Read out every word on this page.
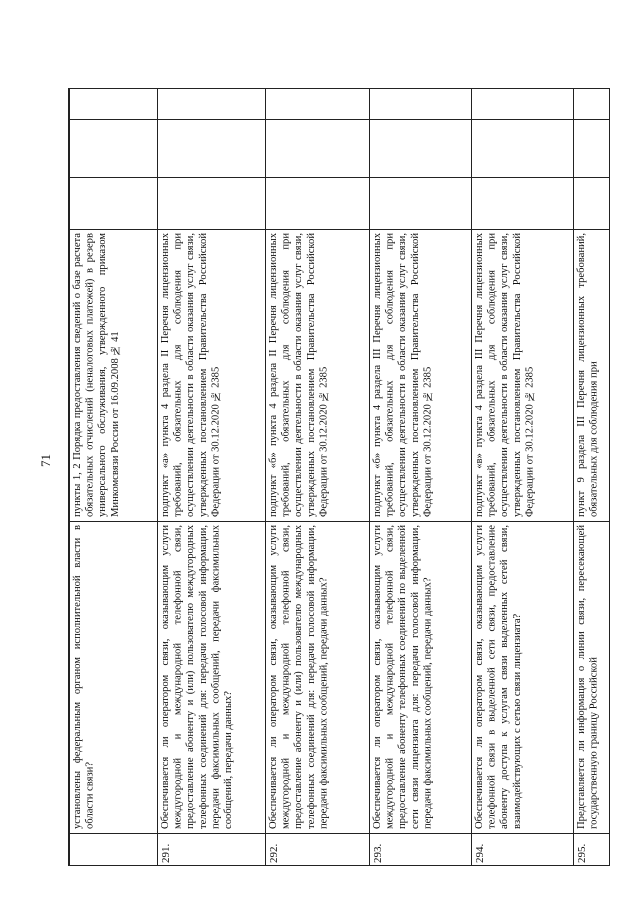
71
установлены федеральным органом исполнительной власти в области связи?
пункты 1, 2 Порядка предоставления сведений о базе расчета обязательных отчислений (неналоговых платежей) в резерв универсального обслуживания, утвержденного приказом Минкомсвязи России от 16.09.2008 № 41
291.
Обеспечивается ли оператором связи, оказывающим услуги междугородной и международной телефонной связи, предоставление абоненту и (или) пользователю междугородных телефонных соединений для: передачи голосовой информации, передачи факсимильных сообщений, передачи факсимильных сообщений, передачи данных?
подпункт «а» пункта 4 раздела II Перечня лицензионных требований, обязательных для соблюдения при осуществлении деятельности в области оказания услуг связи, утвержденных постановлением Правительства Российской Федерации от 30.12.2020 № 2385
292.
Обеспечивается ли оператором связи, оказывающим услуги междугородной и международной телефонной связи, предоставление абоненту и (или) пользователю международных телефонных соединений для: передачи голосовой информации, передачи факсимильных сообщений, передачи данных?
подпункт «б» пункта 4 раздела II Перечня лицензионных требований, обязательных для соблюдения при осуществлении деятельности в области оказания услуг связи, утвержденных постановлением Правительства Российской Федерации от 30.12.2020 № 2385
293.
Обеспечивается ли оператором связи, оказывающим услуги междугородной и международной телефонной связи, предоставление абоненту телефонных соединений по выделенной сети связи лицензиата для: передачи голосовой информации, передачи факсимильных сообщений, передачи данных?
подпункт «б» пункта 4 раздела III Перечня лицензионных требований, обязательных для соблюдения при осуществлении деятельности в области оказания услуг связи, утвержденных постановлением Правительства Российской Федерации от 30.12.2020 № 2385
294.
Обеспечивается ли оператором связи, оказывающим услуги телефонной связи в выделенной сети связи, предоставление абоненту доступа к услугам связи выделенных сетей связи, взаимодействующих с сетью связи лицензиата?
подпункт «в» пункта 4 раздела III Перечня лицензионных требований, обязательных для соблюдения при осуществлении деятельности в области оказания услуг связи, утвержденных постановлением Правительства Российской Федерации от 30.12.2020 № 2385
295.
Представляется ли информация о линии связи, пересекающей государственную границу Российской
пункт 9 раздела III Перечня лицензионных требований, обязательных для соблюдения при
